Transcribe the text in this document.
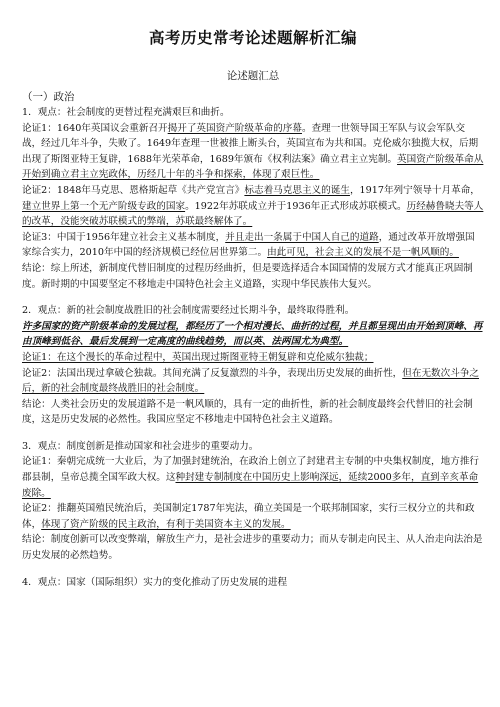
高考历史常考论述题解析汇编
论述题汇总
（一）政治

1．观点：社会制度的更替过程充满艰巨和曲折。

论证1：1640年英国议会重新召开揭开了英国资产阶级革命的序幕。查理一世领导国王军队与议会军队交战，经过几年斗争，失败了。1649年查理一世被推上断头台，英国宣布为共和国。克伦威尔独揽大权，后期出现了斯图亚特王复辟，1688年光荣革命，1689年颁布《权利法案》确立君主立宪制。英国资产阶级革命从开始到确立君主立宪政体，历经几十年的斗争和探索，体现了艰巨性。

论证2：1848年马克思、恩格斯起草《共产党宣言》标志着马克思主义的诞生，1917年列宁领导十月革命，建立世界上第一个无产阶级专政的国家。1922年苏联成立并于1936年正式形成苏联模式。历经赫鲁晓夫等人的改革，没能突破苏联模式的弊端，苏联最终解体了。

论证3：中国于1956年建立社会主义基本制度，并且走出一条属于中国人自己的道路，通过改革开放增强国家综合实力，2010年中国的经济规模已经位居世界第二。由此可见，社会主义的发展不是一帆风顺的。

结论：综上所述，新制度代替旧制度的过程历经曲折，但是要选择适合本国国情的发展方式才能真正巩固制度。新时期的中国要坚定不移地走中国特色社会主义道路，实现中华民族伟大复兴。

2．观点：新的社会制度战胜旧的社会制度需要经过长期斗争，最终取得胜利。

许多国家的资产阶级革命的发展过程，都经历了一个相对漫长、曲折的过程，并且都呈现出由开始到顶峰、再由顶峰到低谷、最后发展到一定高度的曲线趋势，而以英、法两国尤为典型。

论证1：在这个漫长的革命过程中，英国出现过斯图亚特王朝复辟和克伦威尔独裁；

论证2：法国出现过拿破仑独裁。其间充满了反复激烈的斗争，表现出历史发展的曲折性，但在无数次斗争之后，新的社会制度最终战胜旧的社会制度。

结论：人类社会历史的发展道路不是一帆风顺的，具有一定的曲折性，新的社会制度最终会代替旧的社会制度，这是历史发展的必然性。我国应坚定不移地走中国特色社会主义道路。

3．观点：制度创新是推动国家和社会进步的重要动力。

论证1：秦朝完成统一大业后，为了加强封建统治，在政治上创立了封建君主专制的中央集权制度，地方推行郡县制，皇帝总揽全国军政大权。这种封建专制制度在中国历史上影响深远，延续2000多年，直到辛亥革命废除。

论证2：推翻英国殖民统治后，美国制定1787年宪法，确立美国是一个联邦制国家，实行三权分立的共和政体，体现了资产阶级的民主政治，有利于美国资本主义的发展。

结论：制度创新可以改变弊端，解放生产力，是社会进步的重要动力；而从专制走向民主、从人治走向法治是历史发展的必然趋势。

4．观点：国家（国际组织）实力的变化推动了历史发展的进程
